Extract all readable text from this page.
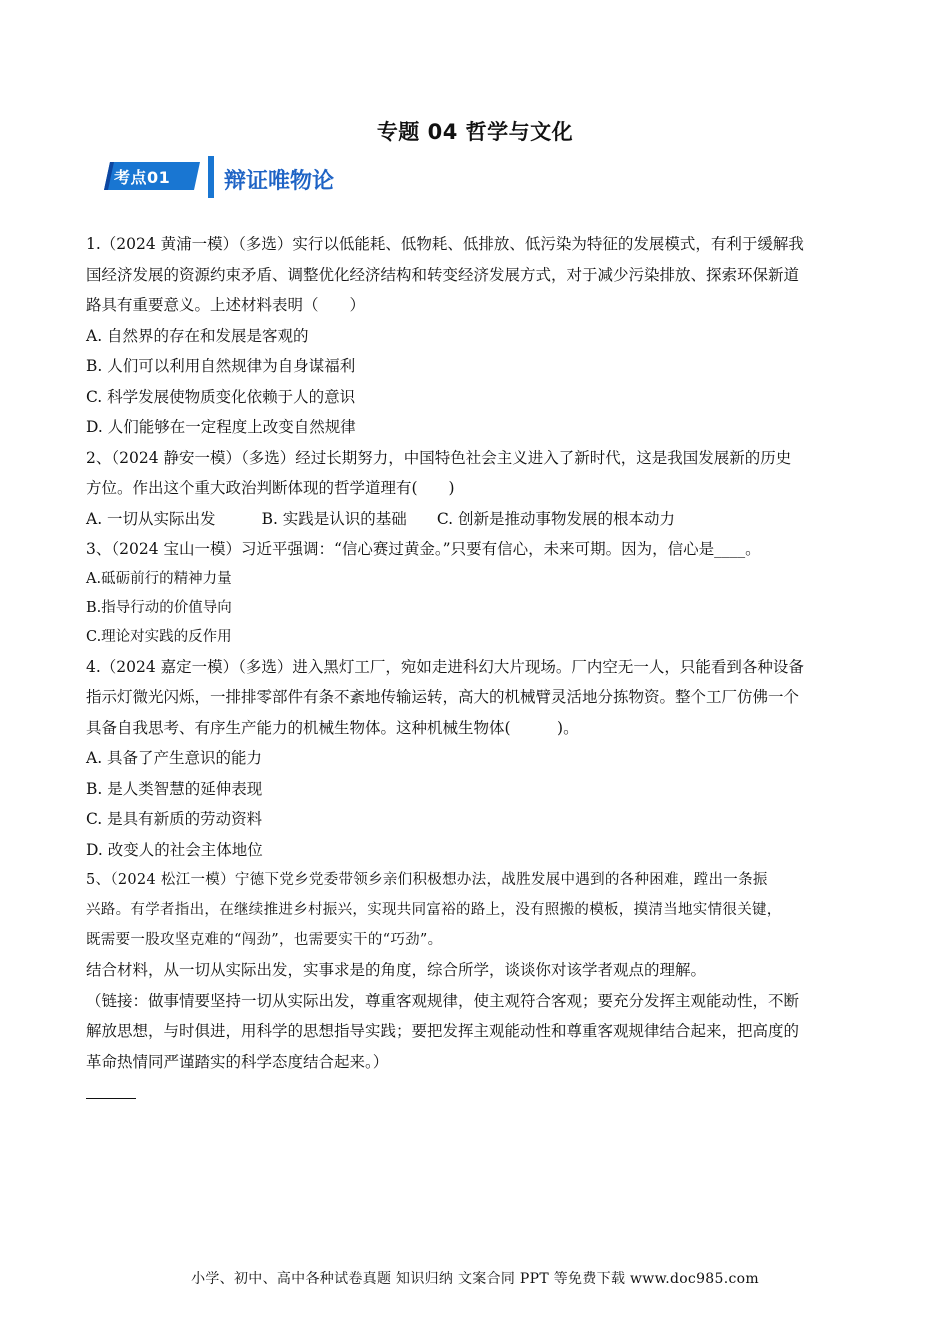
专题 04 哲学与文化
考点01 辩证唯物论
1.（2024 黄浦一模）（多选）实行以低能耗、低物耗、低排放、低污染为特征的发展模式，有利于缓解我
国经济发展的资源约束矛盾、调整优化经济结构和转变经济发展方式，对于减少污染排放、探索环保新道
路具有重要意义。上述材料表明（　　）
A. 自然界的存在和发展是客观的
B. 人们可以利用自然规律为自身谋福利
C. 科学发展使物质变化依赖于人的意识
D. 人们能够在一定程度上改变自然规律
2、（2024 静安一模）（多选）经过长期努力，中国特色社会主义进入了新时代，这是我国发展新的历史
方位。作出这个重大政治判断体现的哲学道理有(　　)
A. 一切从实际出发	B. 实践是认识的基础 C. 创新是推动事物发展的根本动力
3、（2024 宝山一模）习近平强调：“信心赛过黄金。”只要有信心，未来可期。因为，信心是____。
A.砥砺前行的精神力量
B.指导行动的价值导向
C.理论对实践的反作用
4.（2024 嘉定一模）（多选）进入黑灯工厂，宛如走进科幻大片现场。厂内空无一人，只能看到各种设备
指示灯微光闪烁，一排排零部件有条不紊地传输运转，高大的机械臂灵活地分拣物资。整个工厂仿佛一个
具备自我思考、有序生产能力的机械生物体。这种机械生物体(　　　)。
A. 具备了产生意识的能力
B. 是人类智慧的延伸表现
C. 是具有新质的劳动资料
D. 改变人的社会主体地位
5、（2024 松江一模）宁德下党乡党委带领乡亲们积极想办法，战胜发展中遇到的各种困难，蹚出一条振
兴路。有学者指出，在继续推进乡村振兴，实现共同富裕的路上，没有照搬的模板，摸清当地实情很关键，
既需要一股攻坚克难的“闯劲”，也需要实干的“巧劲”。
结合材料，从一切从实际出发，实事求是的角度，综合所学，谈谈你对该学者观点的理解。
（链接：做事情要坚持一切从实际出发，尊重客观规律，使主观符合客观；要充分发挥主观能动性，不断
解放思想，与时俱进，用科学的思想指导实践；要把发挥主观能动性和尊重客观规律结合起来，把高度的
革命热情同严谨踏实的科学态度结合起来。）
小学、初中、高中各种试卷真题 知识归纳 文案合同 PPT 等免费下载 www.doc985.com
